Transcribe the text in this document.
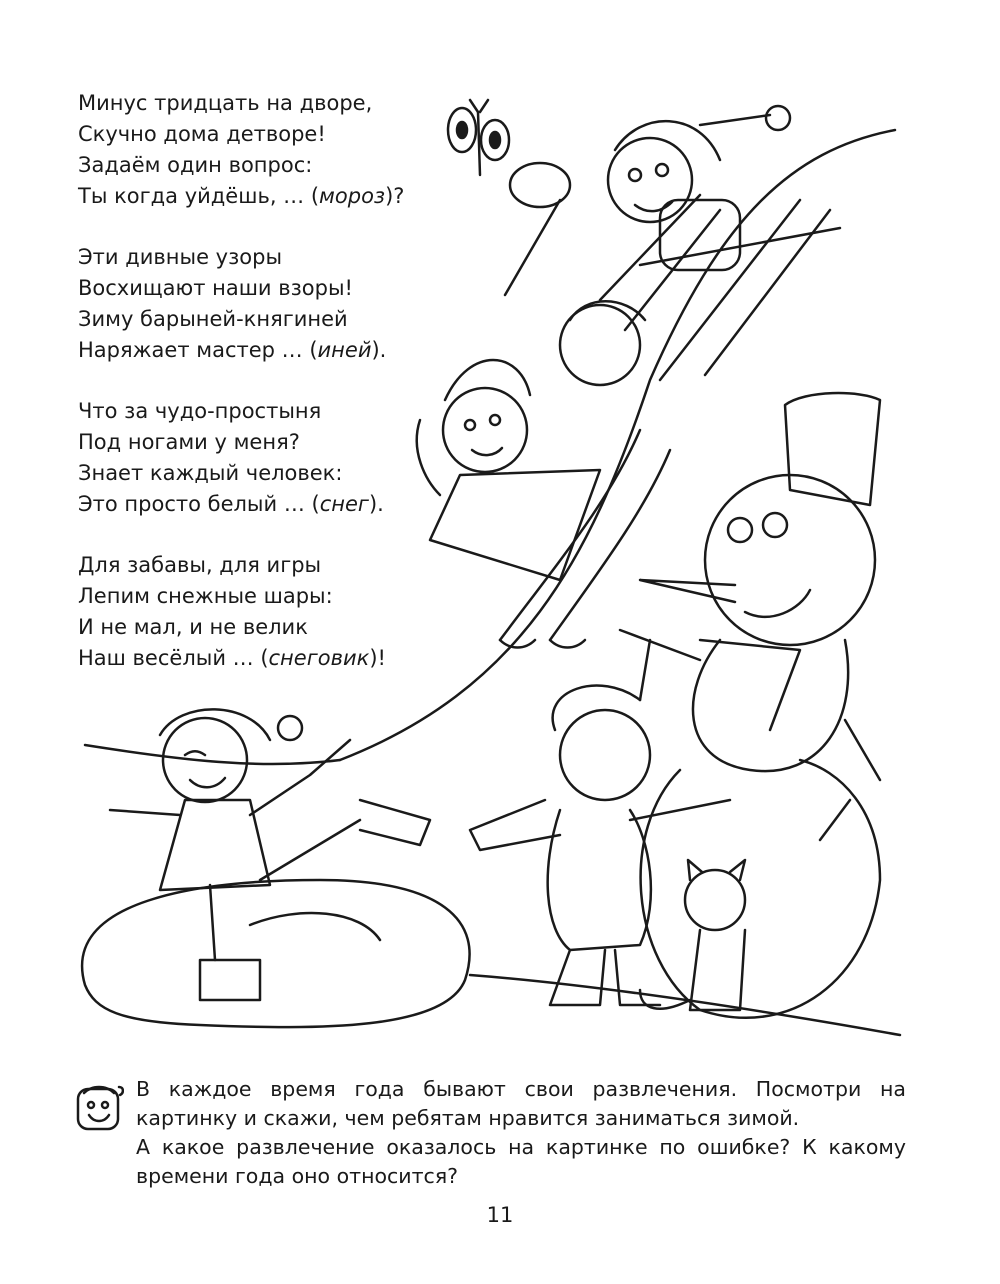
Минус тридцать на дворе,
Скучно дома детворе!
Задаём один вопрос:
Ты когда уйдёшь, … (мороз)?
Эти дивные узоры
Восхищают наши взоры!
Зиму барыней-княгиней
Наряжает мастер … (иней).
Что за чудо-простыня
Под ногами у меня?
Знает каждый человек:
Это просто белый … (снег).
Для забавы, для игры
Лепим снежные шары:
И не мал, и не велик
Наш весёлый … (снеговик)!

В каждое время года бывают свои развлечения. Посмотри на картинку и скажи, чем ребятам нравится заниматься зимой.

А какое развлечение оказалось на картинке по ошибке? К какому времени года оно относится?

11
